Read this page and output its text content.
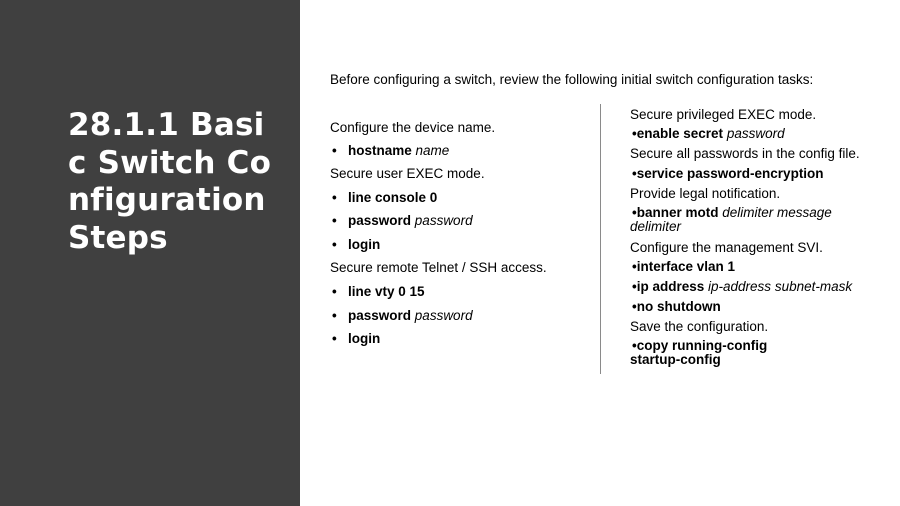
28.1.1 Basic Switch Configuration Steps

Before configuring a switch, review the following initial switch configuration tasks:

Configure the device name.

• hostname name

Secure user EXEC mode.

• line console 0
• password password
• login

Secure remote Telnet / SSH access.

• line vty 0 15
• password password
• login

Secure privileged EXEC mode.

•enable secret password

Secure all passwords in the config file.

•service password-encryption

Provide legal notification.

•banner motd delimiter message
delimiter

Configure the management SVI.

•interface vlan 1
•ip address ip-address subnet-mask
•no shutdown

Save the configuration.

•copy running-config
startup-config
